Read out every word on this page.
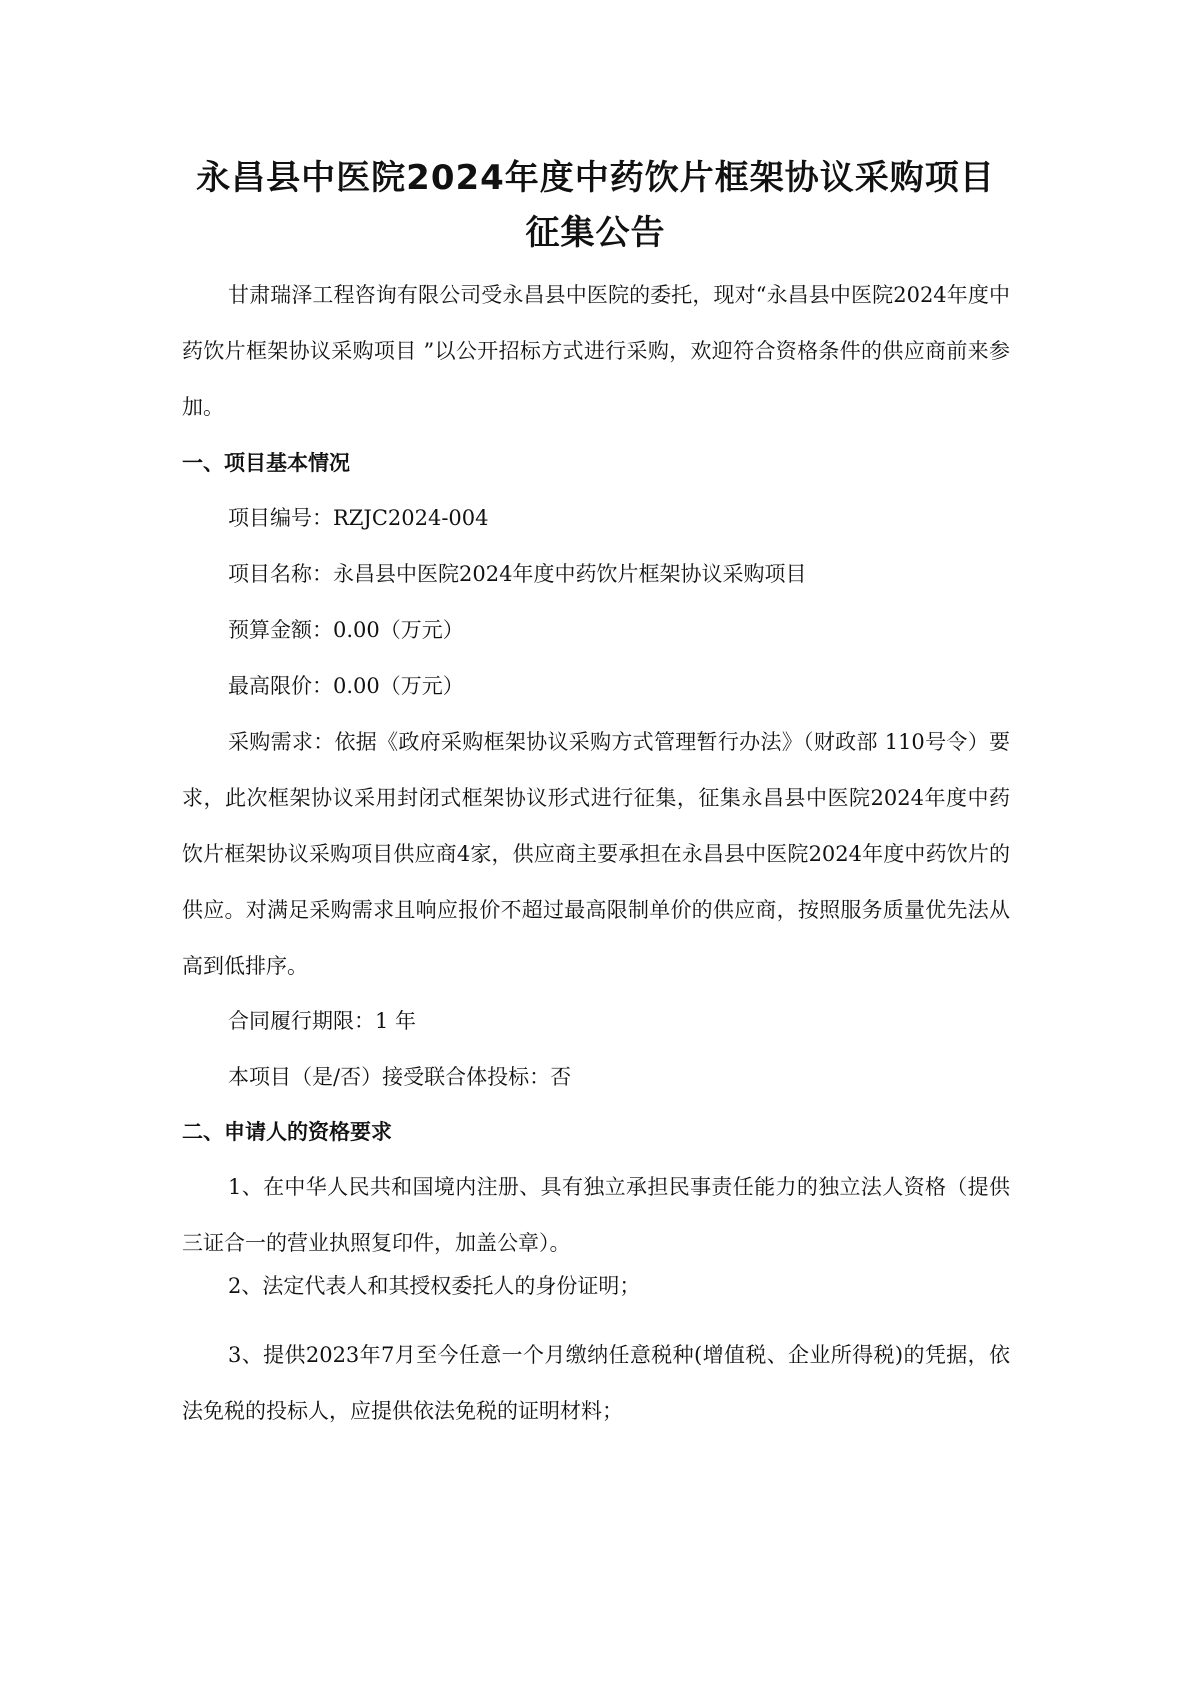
永昌县中医院2024年度中药饮片框架协议采购项目
征集公告

甘肃瑞泽工程咨询有限公司受永昌县中医院的委托，现对“永昌县中医院2024年度中药饮片框架协议采购项目 ”以公开招标方式进行采购，欢迎符合资格条件的供应商前来参加。

一、项目基本情况

项目编号：RZJC2024-004

项目名称：永昌县中医院2024年度中药饮片框架协议采购项目

预算金额：0.00（万元）

最高限价：0.00（万元）

采购需求：依据《政府采购框架协议采购方式管理暂行办法》（财政部 110号令）要求，此次框架协议采用封闭式框架协议形式进行征集，征集永昌县中医院2024年度中药饮片框架协议采购项目供应商4家，供应商主要承担在永昌县中医院2024年度中药饮片的供应。对满足采购需求且响应报价不超过最高限制单价的供应商，按照服务质量优先法从高到低排序。

合同履行期限：1 年

本项目（是/否）接受联合体投标：否

二、申请人的资格要求

1、在中华人民共和国境内注册、具有独立承担民事责任能力的独立法人资格（提供三证合一的营业执照复印件，加盖公章）。

2、法定代表人和其授权委托人的身份证明；

3、提供2023年7月至今任意一个月缴纳任意税种(增值税、企业所得税)的凭据，依法免税的投标人，应提供依法免税的证明材料；
